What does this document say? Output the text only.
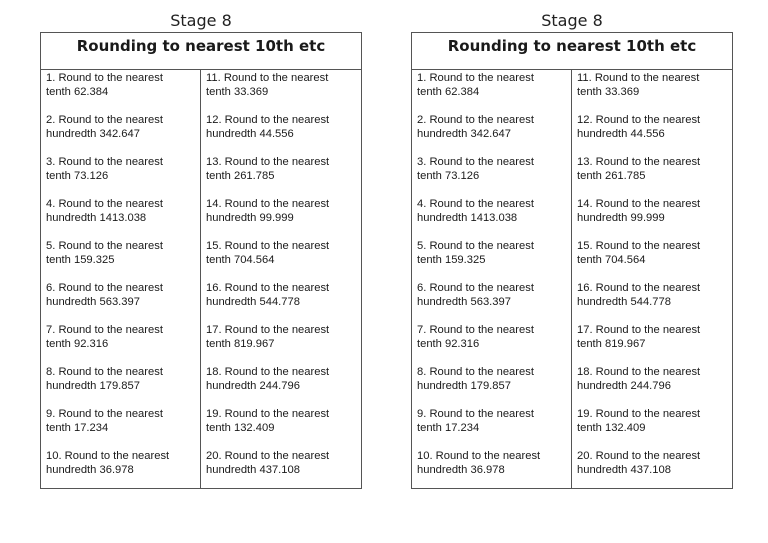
Stage 8
Rounding to nearest 10th etc
1. Round to the nearest
tenth 62.384
2. Round to the nearest
hundredth 342.647
3. Round to the nearest
tenth 73.126
4. Round to the nearest
hundredth 1413.038
5. Round to the nearest
tenth 159.325
6. Round to the nearest
hundredth 563.397
7. Round to the nearest
tenth 92.316
8. Round to the nearest
hundredth 179.857
9. Round to the nearest
tenth 17.234
10. Round to the nearest
hundredth 36.978
11. Round to the nearest
tenth 33.369
12. Round to the nearest
hundredth 44.556
13. Round to the nearest
tenth 261.785
14. Round to the nearest
hundredth 99.999
15. Round to the nearest
tenth 704.564
16. Round to the nearest
hundredth 544.778
17. Round to the nearest
tenth 819.967
18. Round to the nearest
hundredth 244.796
19. Round to the nearest
tenth 132.409
20. Round to the nearest
hundredth 437.108
Stage 8
Rounding to nearest 10th etc
1. Round to the nearest
tenth 62.384
2. Round to the nearest
hundredth 342.647
3. Round to the nearest
tenth 73.126
4. Round to the nearest
hundredth 1413.038
5. Round to the nearest
tenth 159.325
6. Round to the nearest
hundredth 563.397
7. Round to the nearest
tenth 92.316
8. Round to the nearest
hundredth 179.857
9. Round to the nearest
tenth 17.234
10. Round to the nearest
hundredth 36.978
11. Round to the nearest
tenth 33.369
12. Round to the nearest
hundredth 44.556
13. Round to the nearest
tenth 261.785
14. Round to the nearest
hundredth 99.999
15. Round to the nearest
tenth 704.564
16. Round to the nearest
hundredth 544.778
17. Round to the nearest
tenth 819.967
18. Round to the nearest
hundredth 244.796
19. Round to the nearest
tenth 132.409
20. Round to the nearest
hundredth 437.108
